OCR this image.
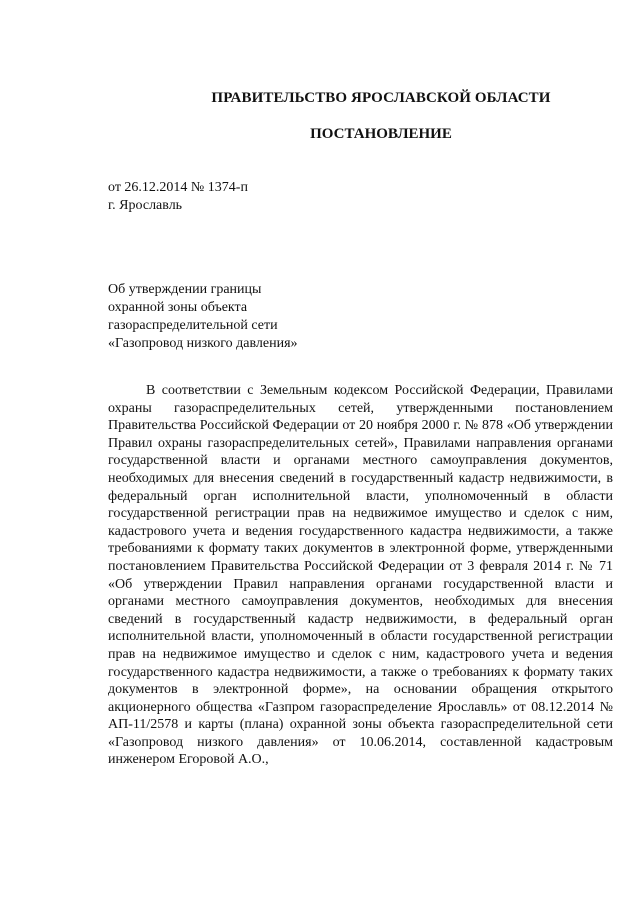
ПРАВИТЕЛЬСТВО ЯРОСЛАВСКОЙ ОБЛАСТИ
ПОСТАНОВЛЕНИЕ
от 26.12.2014 № 1374-п
г. Ярославль
Об утверждении границы
охранной зоны объекта
газораспределительной сети
«Газопровод низкого давления»

В соответствии с Земельным кодексом Российской Федерации, Правилами охраны газораспределительных сетей, утвержденными постановлением Правительства Российской Федерации от 20 ноября 2000 г. № 878 «Об утверждении Правил охраны газораспределительных сетей», Правилами направления органами государственной власти и органами местного самоуправления документов, необходимых для внесения сведений в государственный кадастр недвижимости, в федеральный орган исполнительной власти, уполномоченный в области государственной регистрации прав на недвижимое имущество и сделок с ним, кадастрового учета и ведения государственного кадастра недвижимости, а также требованиями к формату таких документов в электронной форме, утвержденными постановлением Правительства Российской Федерации от 3 февраля 2014 г. № 71 «Об утверждении Правил направления органами государственной власти и органами местного самоуправления документов, необходимых для внесения сведений в государственный кадастр недвижимости, в федеральный орган исполнительной власти, уполномоченный в области государственной регистрации прав на недвижимое имущество и сделок с ним, кадастрового учета и ведения государственного кадастра недвижимости, а также о требованиях к формату таких документов в электронной форме», на основании обращения открытого акционерного общества «Газпром газораспределение Ярославль» от 08.12.2014 № АП-11/2578 и карты (плана) охранной зоны объекта газораспределительной сети «Газопровод низкого давления» от 10.06.2014, составленной кадастровым инженером Егоровой А.О.,
